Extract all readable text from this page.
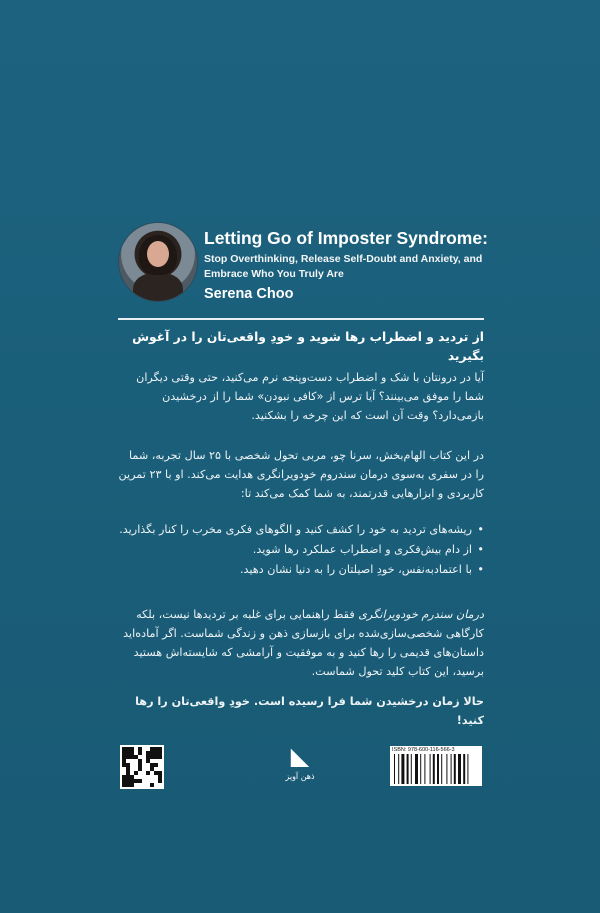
Letting Go of Imposter Syndrome:
Stop Overthinking, Release Self-Doubt and Anxiety, and Embrace Who You Truly Are
Serena Choo
از تردید و اضطراب رها شوید و خودِ واقعی‌تان را در آغوش بگیرید
آیا در درونتان با شک و اضطراب دست‌وپنجه نرم می‌کنید، حتی وقتی دیگران شما را موفق می‌بینند؟ آیا ترس از «کافی نبودن» شما را از درخشیدن بازمی‌دارد؟ وقت آن است که این چرخه را بشکنید.
در این کتاب الهام‌بخش، سرنا چو، مربی تحول شخصی با ۲۵ سال تجربه، شما را در سفری به‌سوی درمان سندروم خودویرانگری هدایت می‌کند. او با ۲۳ تمرین کاربردی و ابزارهایی قدرتمند، به شما کمک می‌کند تا:
• ریشه‌های تردید به خود را کشف کنید و الگوهای فکری مخرب را کنار بگذارید.
• از دام بیش‌فکری و اضطراب عملکرد رها شوید.
• با اعتمادبه‌نفس، خودِ اصیلتان را به دنیا نشان دهید.
درمان سندرم خودویرانگری فقط راهنمایی برای غلبه بر تردیدها نیست، بلکه کارگاهی شخصی‌سازی‌شده برای بازسازی ذهن و زندگی شماست. اگر آماده‌اید داستان‌های قدیمی را رها کنید و به موفقیت و آرامشی که شایسته‌اش هستید برسید، این کتاب کلید تحول شماست.
حالا زمان درخشیدن شما فرا رسیده است. خودِ واقعی‌تان را رها کنید!
◣
ذهن آویز
ISBN: 978-600-116-566-3
